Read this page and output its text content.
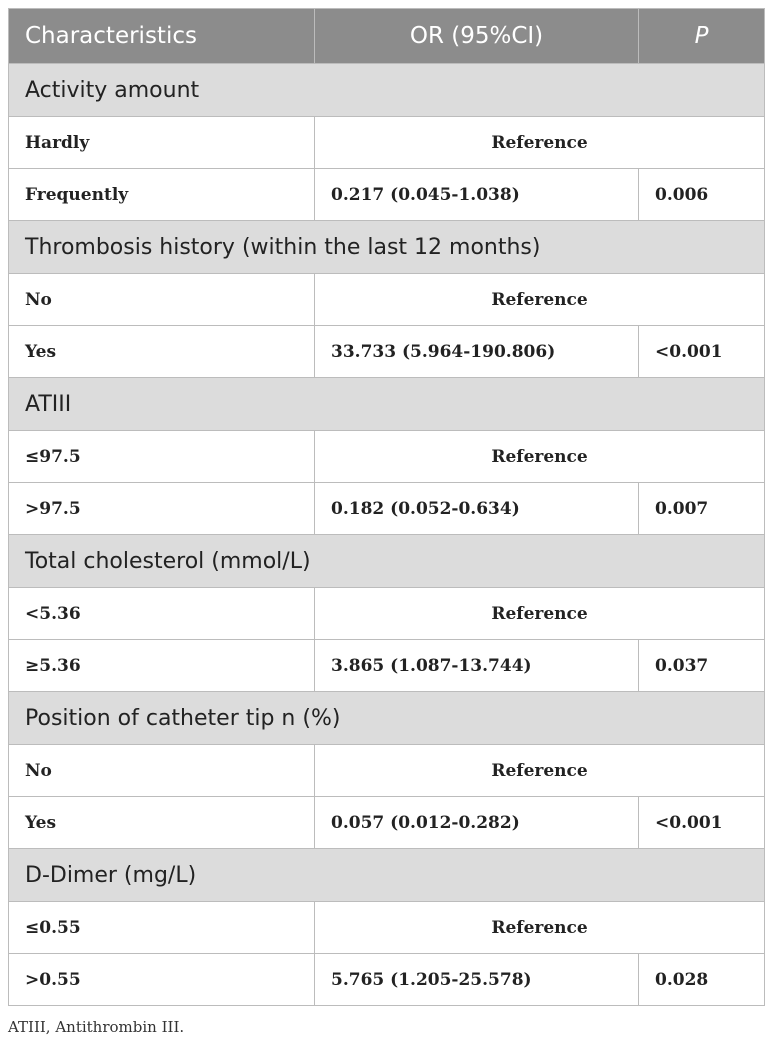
Characteristics	OR (95%CI)	P
Activity amount		
Hardly	Reference	
Frequently	0.217 (0.045-1.038)	0.006
Thrombosis history (within the last 12 months)		
No	Reference	
Yes	33.733 (5.964-190.806)	<0.001
ATIII		
≤97.5	Reference	
>97.5	0.182 (0.052-0.634)	0.007
Total cholesterol (mmol/L)		
<5.36	Reference	
≥5.36	3.865 (1.087-13.744)	0.037
Position of catheter tip n (%)		
No	Reference	
Yes	0.057 (0.012-0.282)	<0.001
D-Dimer (mg/L)		
≤0.55	Reference	
>0.55	5.765 (1.205-25.578)	0.028
ATIII, Antithrombin III.
